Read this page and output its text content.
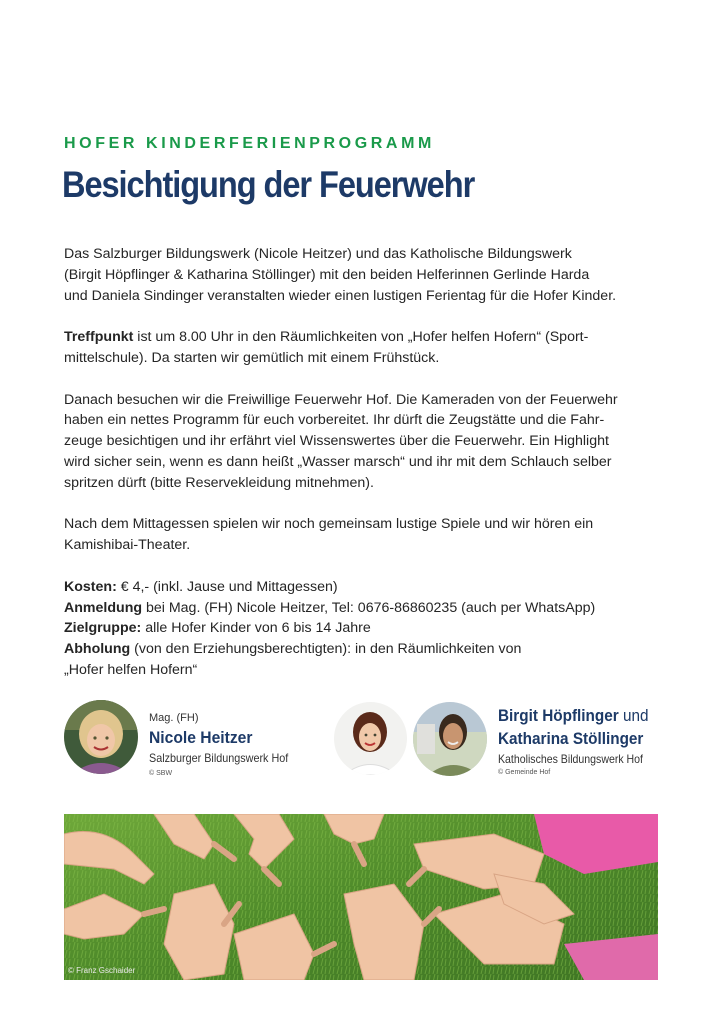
HOFER KINDERFERIENPROGRAMM
Besichtigung der Feuerwehr

Das Salzburger Bildungswerk (Nicole Heitzer) und das Katholische Bildungswerk
(Birgit Höpflinger & Katharina Stöllinger) mit den beiden Helferinnen Gerlinde Harda
und Daniela Sindinger veranstalten wieder einen lustigen Ferientag für die Hofer Kinder.

Treffpunkt ist um 8.00 Uhr in den Räumlichkeiten von „Hofer helfen Hofern“ (Sport-
mittelschule). Da starten wir gemütlich mit einem Frühstück.

Danach besuchen wir die Freiwillige Feuerwehr Hof. Die Kameraden von der Feuerwehr
haben ein nettes Programm für euch vorbereitet. Ihr dürft die Zeugstätte und die Fahr-
zeuge besichtigen und ihr erfährt viel Wissenswertes über die Feuerwehr. Ein Highlight
wird sicher sein, wenn es dann heißt „Wasser marsch“ und ihr mit dem Schlauch selber
spritzen dürft (bitte Reservekleidung mitnehmen).

Nach dem Mittagessen spielen wir noch gemeinsam lustige Spiele und wir hören ein
Kamishibai-Theater.

Kosten: € 4,- (inkl. Jause und Mittagessen)
Anmeldung bei Mag. (FH) Nicole Heitzer, Tel: 0676-86860235 (auch per WhatsApp)
Zielgruppe: alle Hofer Kinder von 6 bis 14 Jahre
Abholung (von den Erziehungsberechtigten): in den Räumlichkeiten von
„Hofer helfen Hofern“

Mag. (FH)
Nicole Heitzer
Salzburger Bildungswerk Hof
© SBW
Birgit Höpflinger und
Katharina Stöllinger
Katholisches Bildungswerk Hof
© Gemeinde Hof
© Franz Gschaider
